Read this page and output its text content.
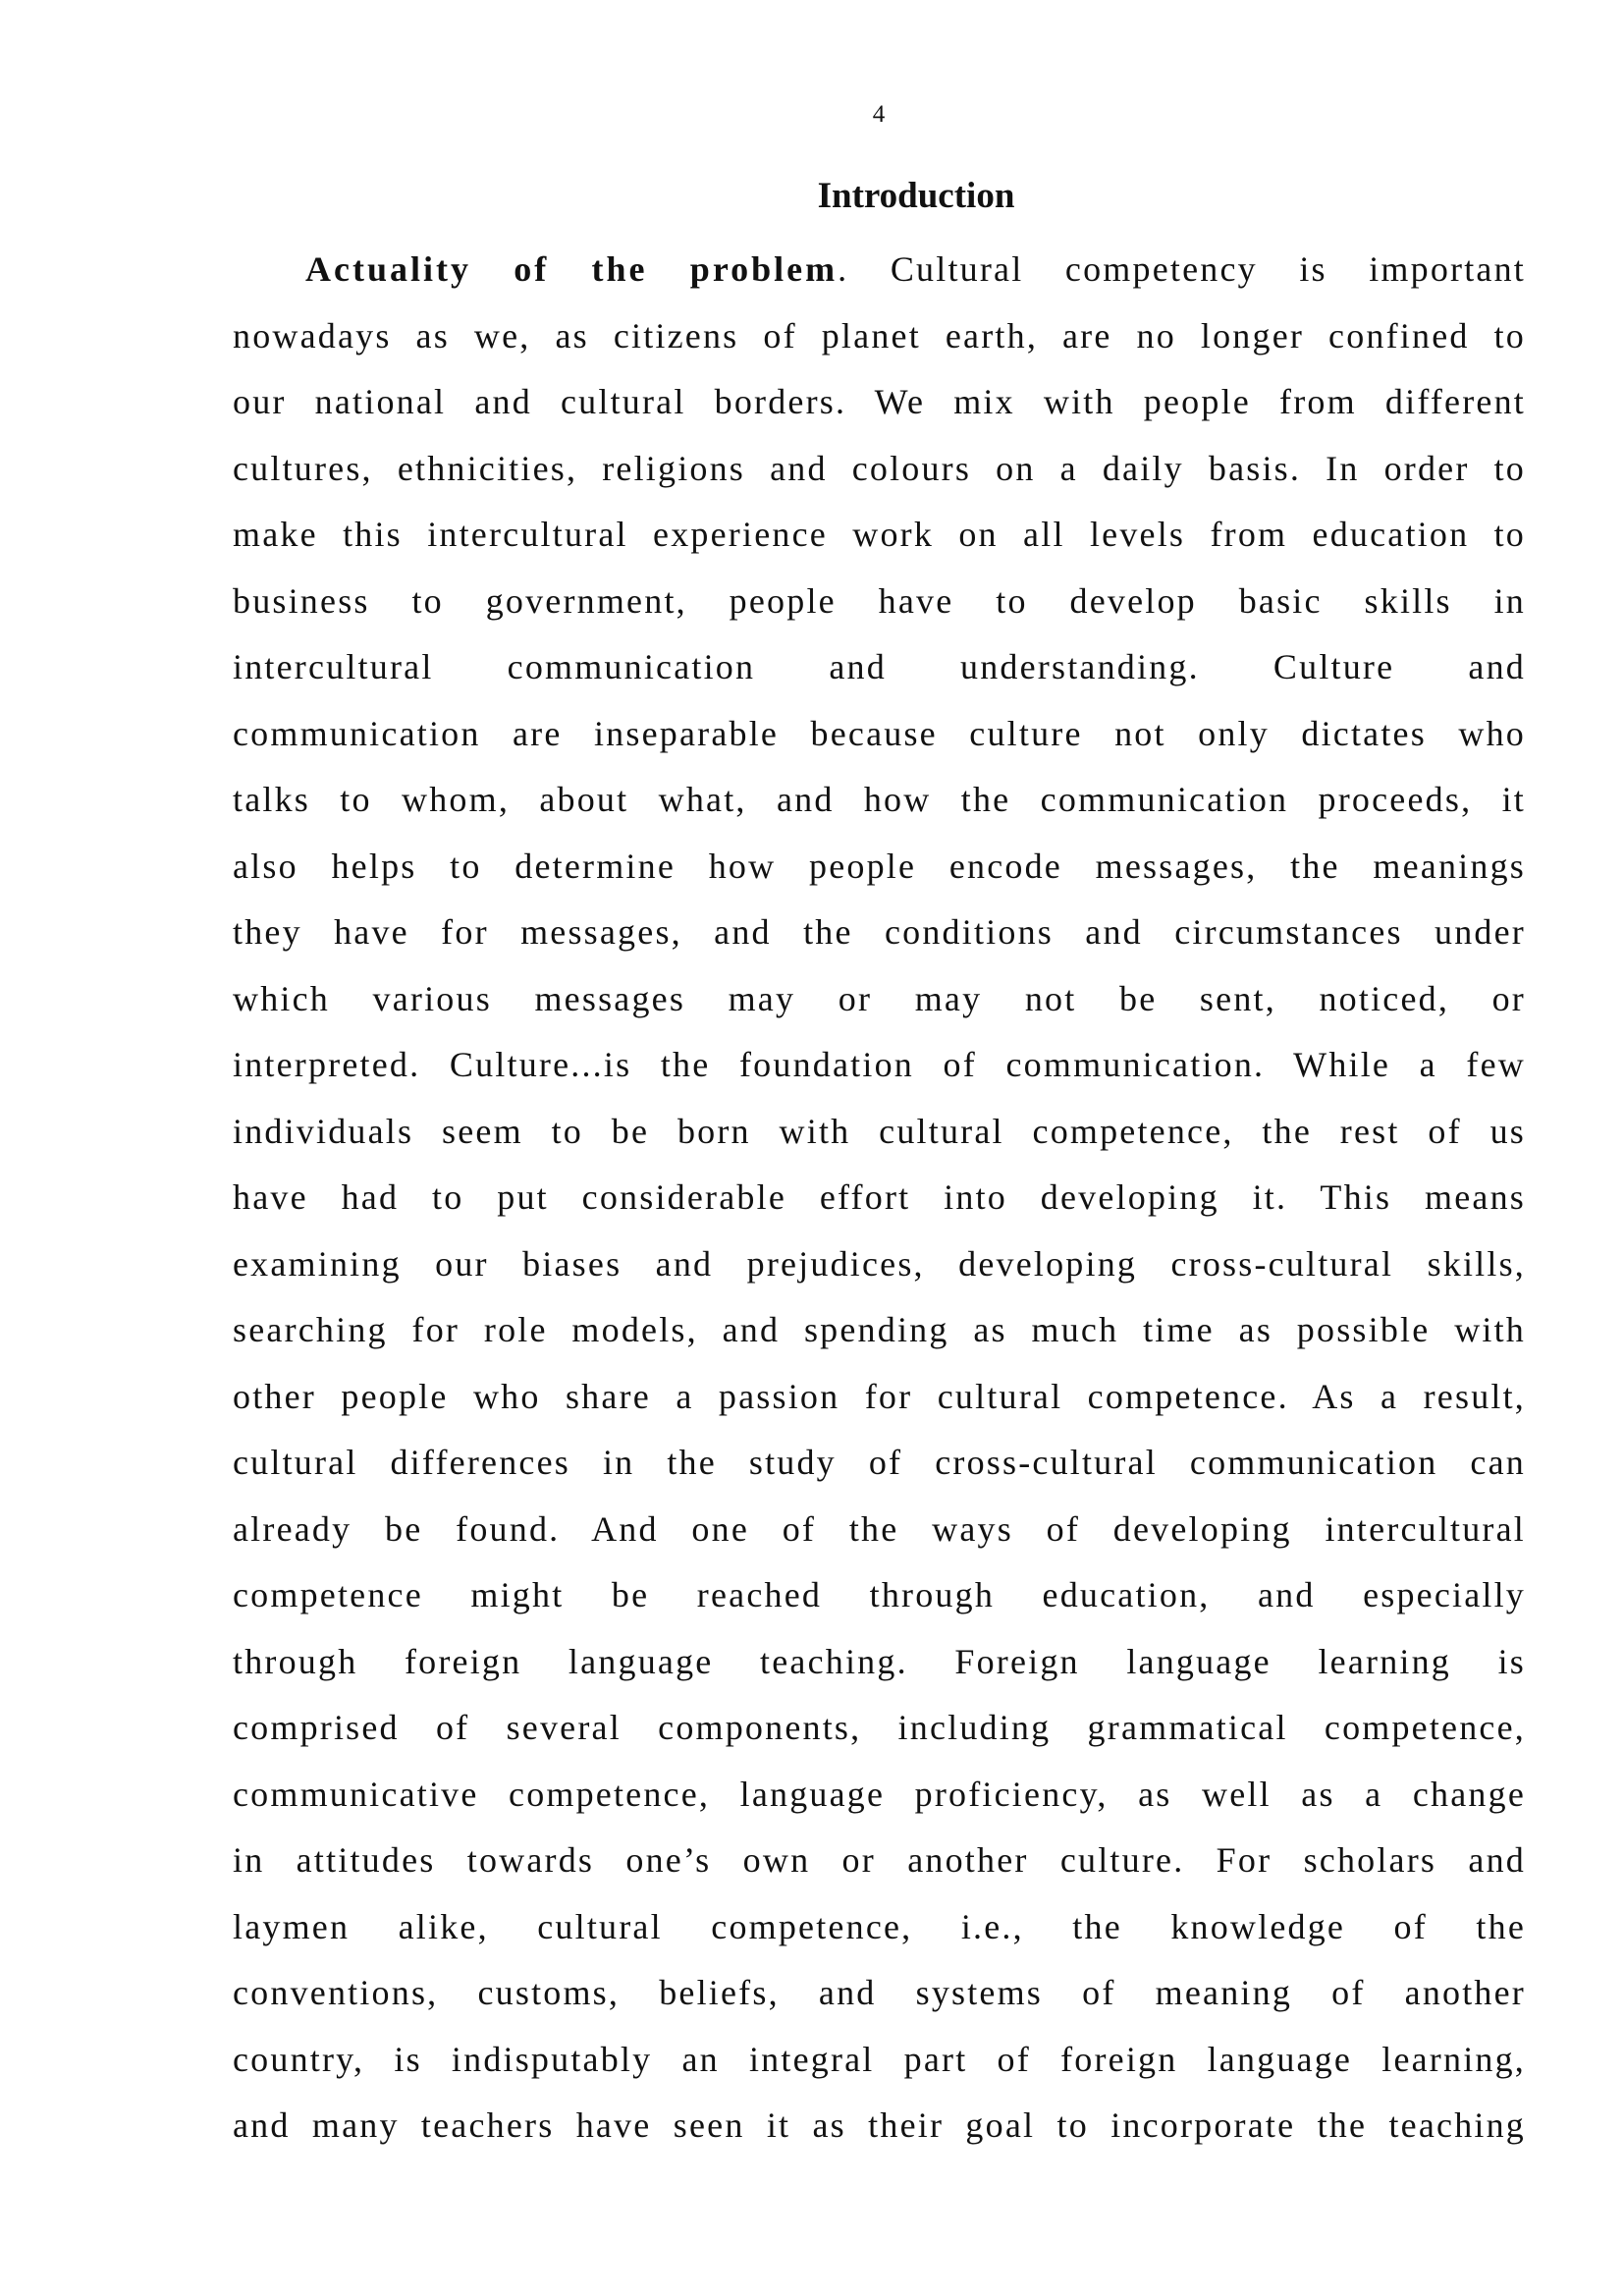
4
Introduction
Actuality of the problem. Cultural competency is important
nowadays as we, as citizens of planet earth, are no longer confined to
our national and cultural borders. We mix with people from different
cultures, ethnicities, religions and colours on a daily basis. In order to
make this intercultural experience work on all levels from education to
business to government, people have to develop basic skills in
intercultural communication and understanding. Culture and
communication are inseparable because culture not only dictates who
talks to whom, about what, and how the communication proceeds, it
also helps to determine how people encode messages, the meanings
they have for messages, and the conditions and circumstances under
which various messages may or may not be sent, noticed, or
interpreted. Culture...is the foundation of communication. While a few
individuals seem to be born with cultural competence, the rest of us
have had to put considerable effort into developing it. This means
examining our biases and prejudices, developing cross-cultural skills,
searching for role models, and spending as much time as possible with
other people who share a passion for cultural competence. As a result,
cultural differences in the study of cross-cultural communication can
already be found. And one of the ways of developing intercultural
competence might be reached through education, and especially
through foreign language teaching. Foreign language learning is
comprised of several components, including grammatical competence,
communicative competence, language proficiency, as well as a change
in attitudes towards one’s own or another culture. For scholars and
laymen alike, cultural competence, i.e., the knowledge of the
conventions, customs, beliefs, and systems of meaning of another
country, is indisputably an integral part of foreign language learning,
and many teachers have seen it as their goal to incorporate the teaching
